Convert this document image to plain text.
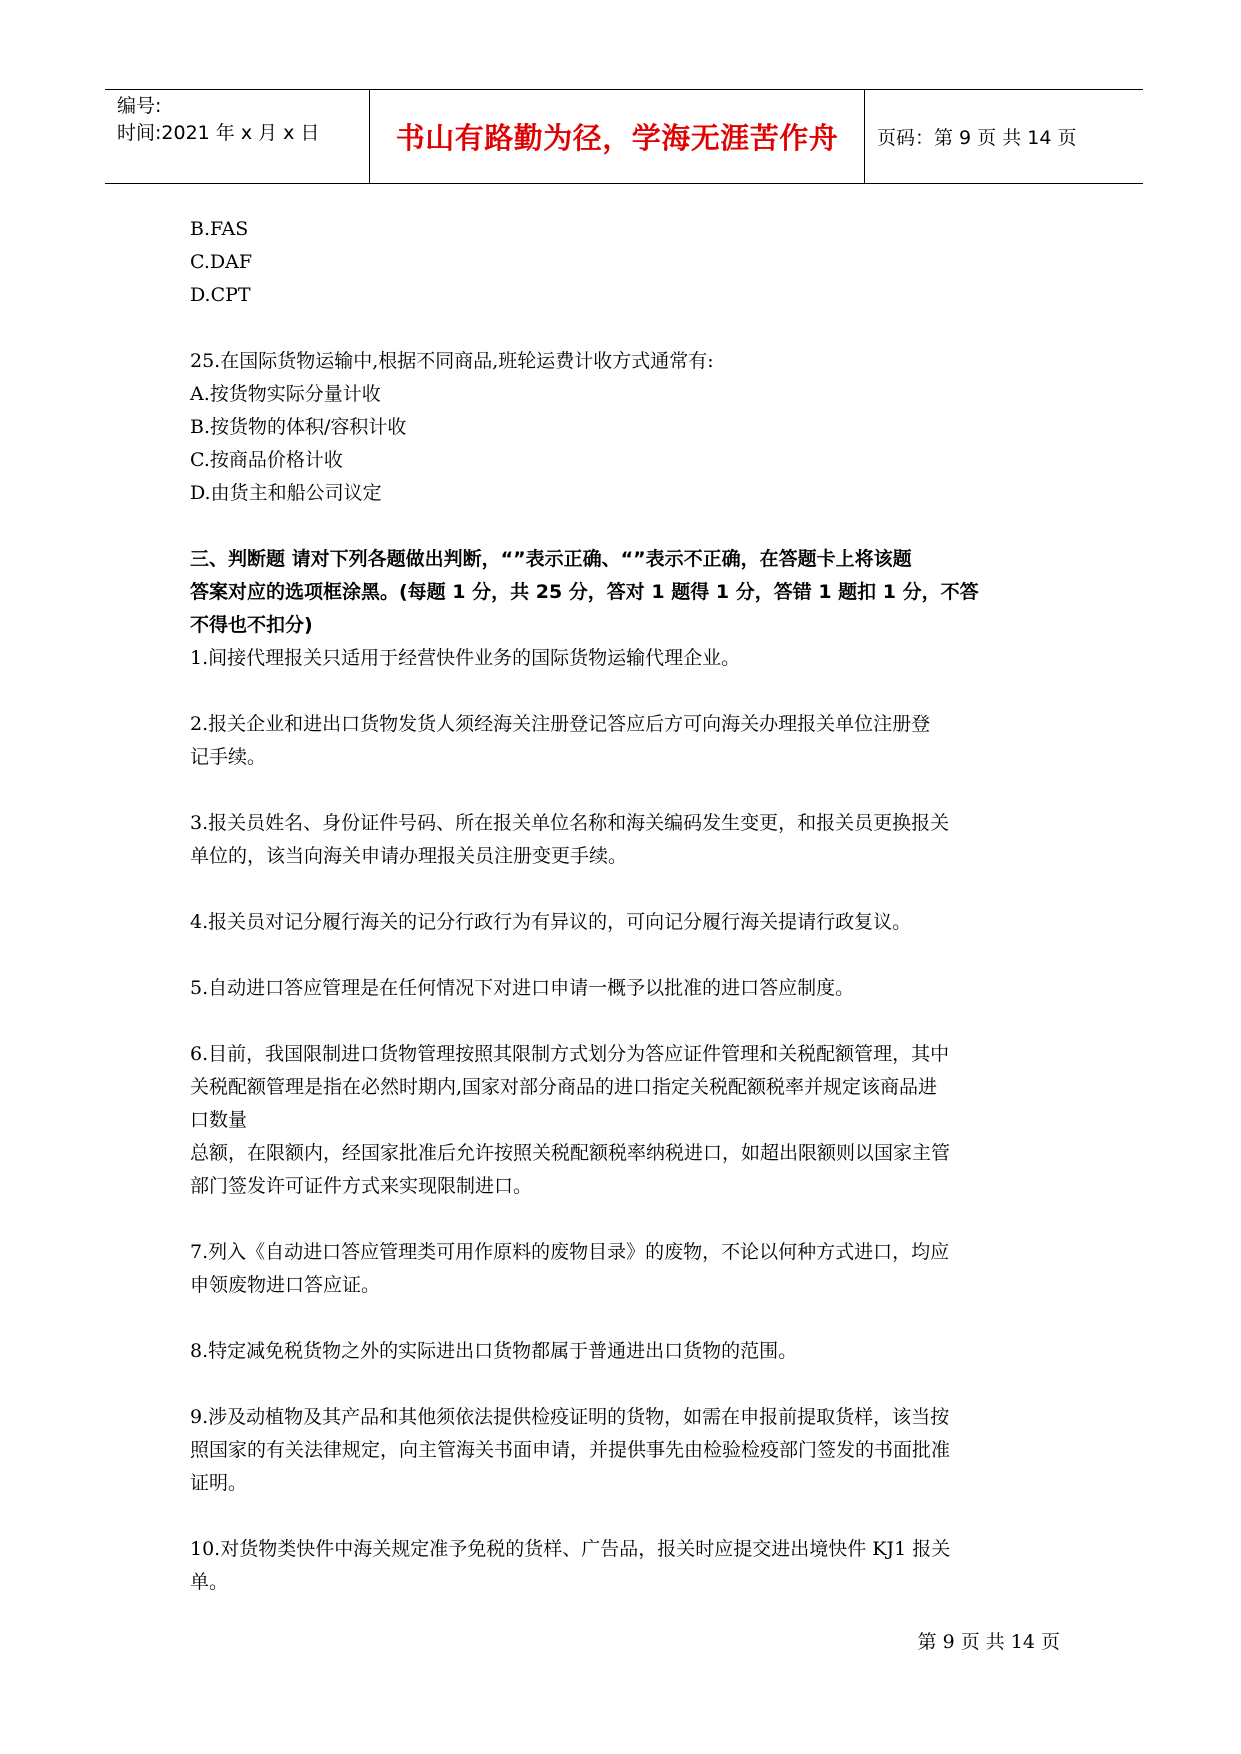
编号:
时间:2021 年 x 月 x 日	书山有路勤为径，学海无涯苦作舟	页码：第 9 页 共 14 页

B.FAS

C.DAF

D.CPT

25.在国际货物运输中,根据不同商品,班轮运费计收方式通常有:

A.按货物实际分量计收

B.按货物的体积/容积计收

C.按商品价格计收

D.由货主和船公司议定

三、判断题 请对下列各题做出判断，“”表示正确、“”表示不正确，在答题卡上将该题

答案对应的选项框涂黑。(每题 1 分，共 25 分，答对 1 题得 1 分，答错 1 题扣 1 分，不答

不得也不扣分)

1.间接代理报关只适用于经营快件业务的国际货物运输代理企业。

2.报关企业和进出口货物发货人须经海关注册登记答应后方可向海关办理报关单位注册登

记手续。

3.报关员姓名、身份证件号码、所在报关单位名称和海关编码发生变更，和报关员更换报关

单位的，该当向海关申请办理报关员注册变更手续。

4.报关员对记分履行海关的记分行政行为有异议的，可向记分履行海关提请行政复议。

5.自动进口答应管理是在任何情况下对进口申请一概予以批准的进口答应制度。

6.目前，我国限制进口货物管理按照其限制方式划分为答应证件管理和关税配额管理，其中

关税配额管理是指在必然时期内,国家对部分商品的进口指定关税配额税率并规定该商品进

口数量

总额，在限额内，经国家批准后允许按照关税配额税率纳税进口，如超出限额则以国家主管

部门签发许可证件方式来实现限制进口。

7.列入《自动进口答应管理类可用作原料的废物目录》的废物，不论以何种方式进口，均应

申领废物进口答应证。

8.特定减免税货物之外的实际进出口货物都属于普通进出口货物的范围。

9.涉及动植物及其产品和其他须依法提供检疫证明的货物，如需在申报前提取货样，该当按

照国家的有关法律规定，向主管海关书面申请，并提供事先由检验检疫部门签发的书面批准

证明。

10.对货物类快件中海关规定准予免税的货样、广告品，报关时应提交进出境快件 KJ1 报关

单。

第 9 页 共 14 页
